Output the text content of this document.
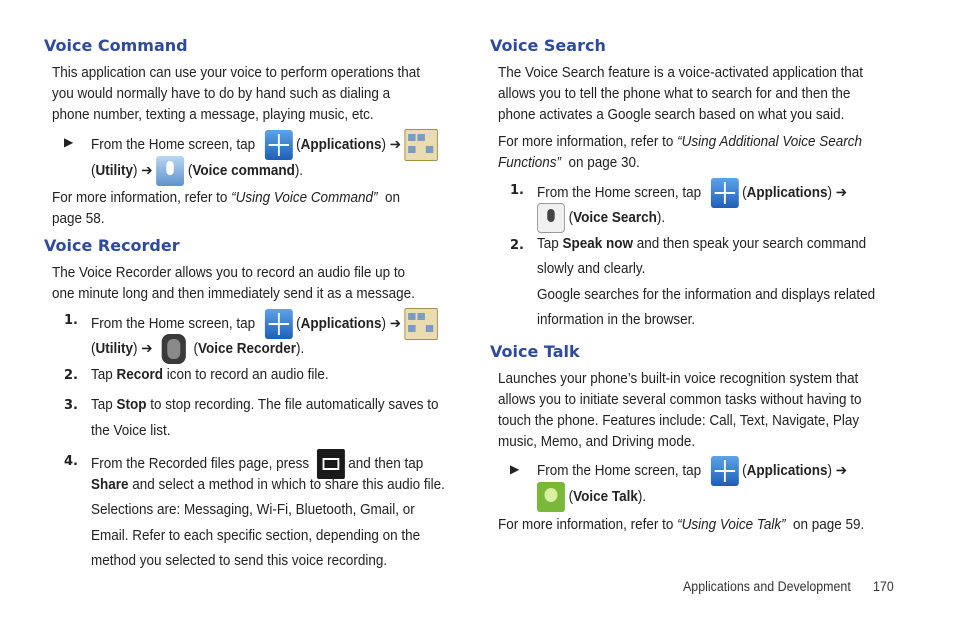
Voice Command
This application can use your voice to perform operations that you would normally have to do by hand such as dialing a phone number, texting a message, playing music, etc.
▶ From the Home screen, tap	(Applications) ➔
(Utility) ➔  (Voice command).
For more information, refer to “Using Voice Command” on
page 58.
Voice Recorder
The Voice Recorder allows you to record an audio file up to one minute long and then immediately send it as a message.
1. From the Home screen, tap	(Applications) ➔
(Utility) ➔   (Voice Recorder).
2. Tap Record icon to record an audio file.
3. Tap Stop to stop recording. The file automatically saves to
the Voice list.
4. From the Recorded files page, press	and then tap
Share and select a method in which to share this audio file.
Selections are: Messaging, Wi-Fi, Bluetooth, Gmail, or
Email. Refer to each specific section, depending on the
method you selected to send this voice recording.
Voice Search
The Voice Search feature is a voice-activated application that allows you to tell the phone what to search for and then the phone activates a Google search based on what you said.
For more information, refer to “Using Additional Voice Search
Functions” on page 30.
1. From the Home screen, tap	(Applications) ➔
(Voice Search).
2. Tap Speak now and then speak your search command
slowly and clearly.
Google searches for the information and displays related
information in the browser.
Voice Talk
Launches your phone’s built-in voice recognition system that allows you to initiate several common tasks without having to touch the phone. Features include: Call, Text, Navigate, Play music, Memo, and Driving mode.
▶ From the Home screen, tap	(Applications) ➔
(Voice Talk).
For more information, refer to “Using Voice Talk” on page 59.
Applications and Development 170
